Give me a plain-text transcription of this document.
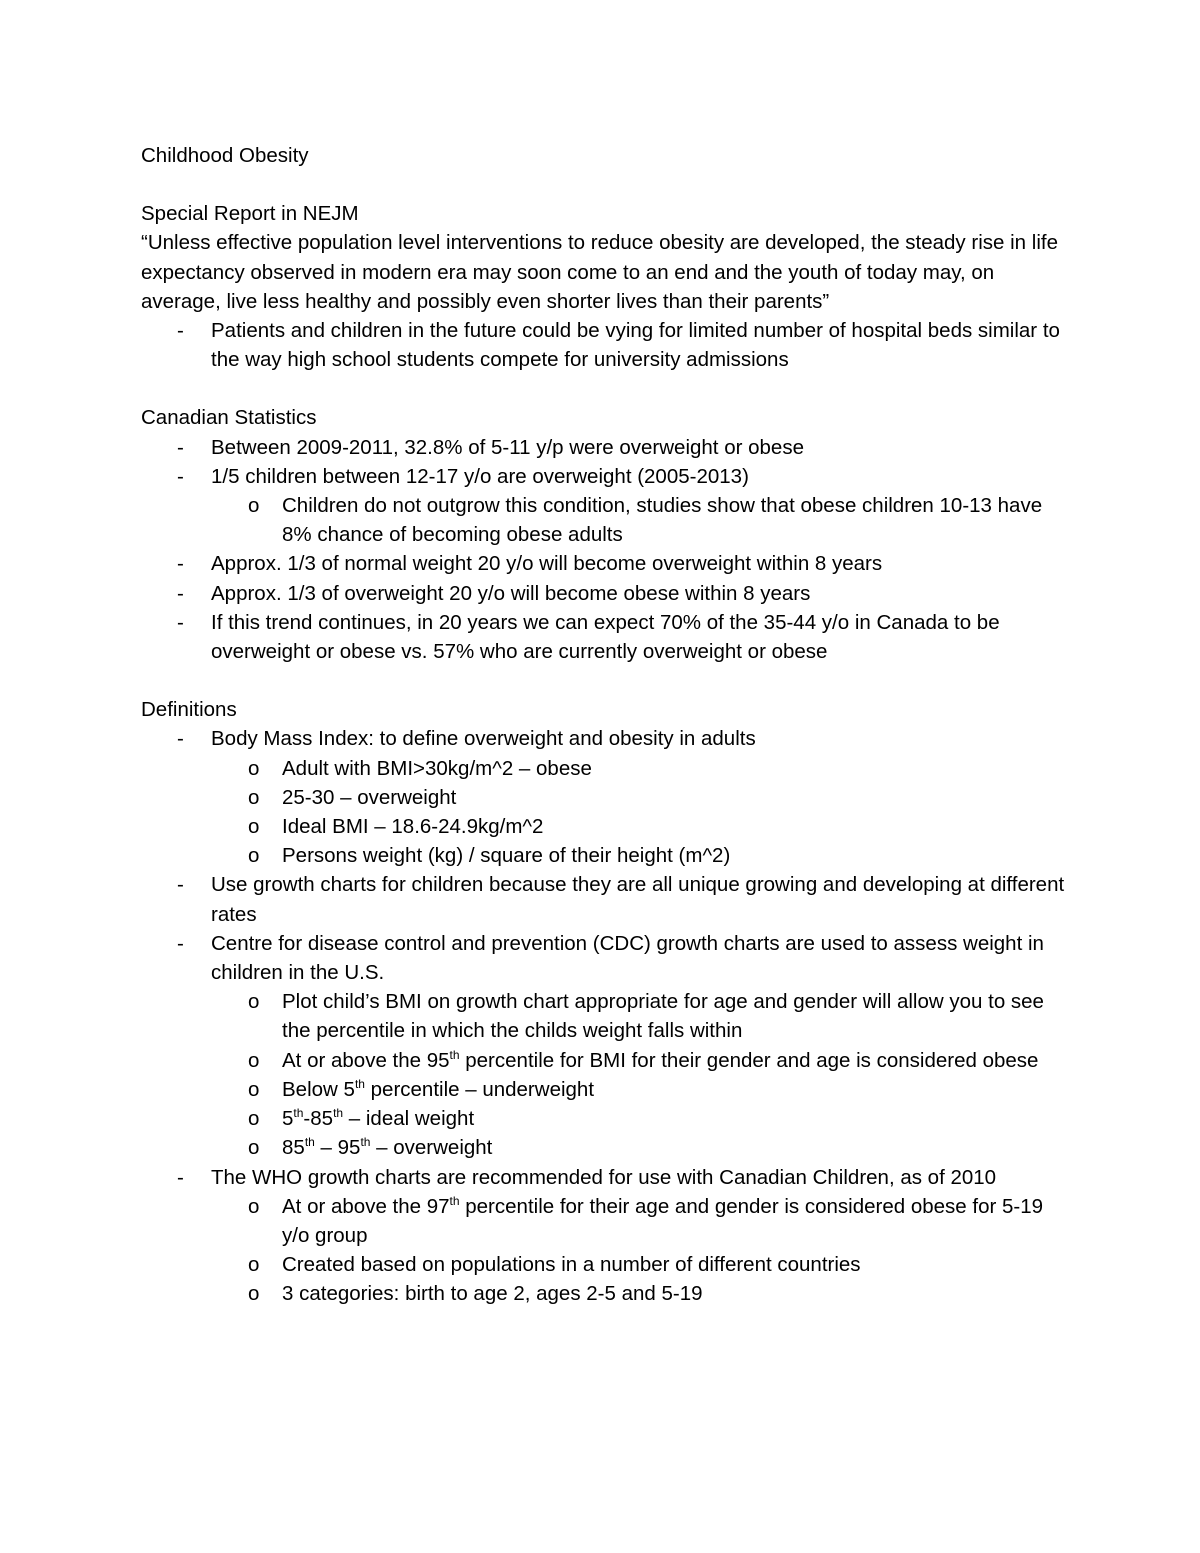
Childhood Obesity

Special Report in NEJM

“Unless effective population level interventions to reduce obesity are developed, the steady rise in life expectancy observed in modern era may soon come to an end and the youth of today may, on average, live less healthy and possibly even shorter lives than their parents”

- Patients and children in the future could be vying for limited number of hospital beds similar to the way high school students compete for university admissions

Canadian Statistics

- Between 2009-2011, 32.8% of 5-11 y/p were overweight or obese
- 1/5 children between 12-17 y/o are overweight (2005-2013)
o Children do not outgrow this condition, studies show that obese children 10-13 have 8% chance of becoming obese adults
- Approx. 1/3 of normal weight 20 y/o will become overweight within 8 years
- Approx. 1/3 of overweight 20 y/o will become obese within 8 years
- If this trend continues, in 20 years we can expect 70% of the 35-44 y/o in Canada to be overweight or obese vs. 57% who are currently overweight or obese

Definitions

- Body Mass Index: to define overweight and obesity in adults
o Adult with BMI>30kg/m^2 – obese
o 25-30 – overweight
o Ideal BMI – 18.6-24.9kg/m^2
o Persons weight (kg) / square of their height (m^2)
- Use growth charts for children because they are all unique growing and developing at different rates
- Centre for disease control and prevention (CDC) growth charts are used to assess weight in children in the U.S.
o Plot child’s BMI on growth chart appropriate for age and gender will allow you to see the percentile in which the childs weight falls within
o At or above the 95th percentile for BMI for their gender and age is considered obese
o Below 5th percentile – underweight
o 5th-85th – ideal weight
o 85th – 95th – overweight
- The WHO growth charts are recommended for use with Canadian Children, as of 2010
o At or above the 97th percentile for their age and gender is considered obese for 5-19 y/o group
o Created based on populations in a number of different countries
o 3 categories: birth to age 2, ages 2-5 and 5-19
